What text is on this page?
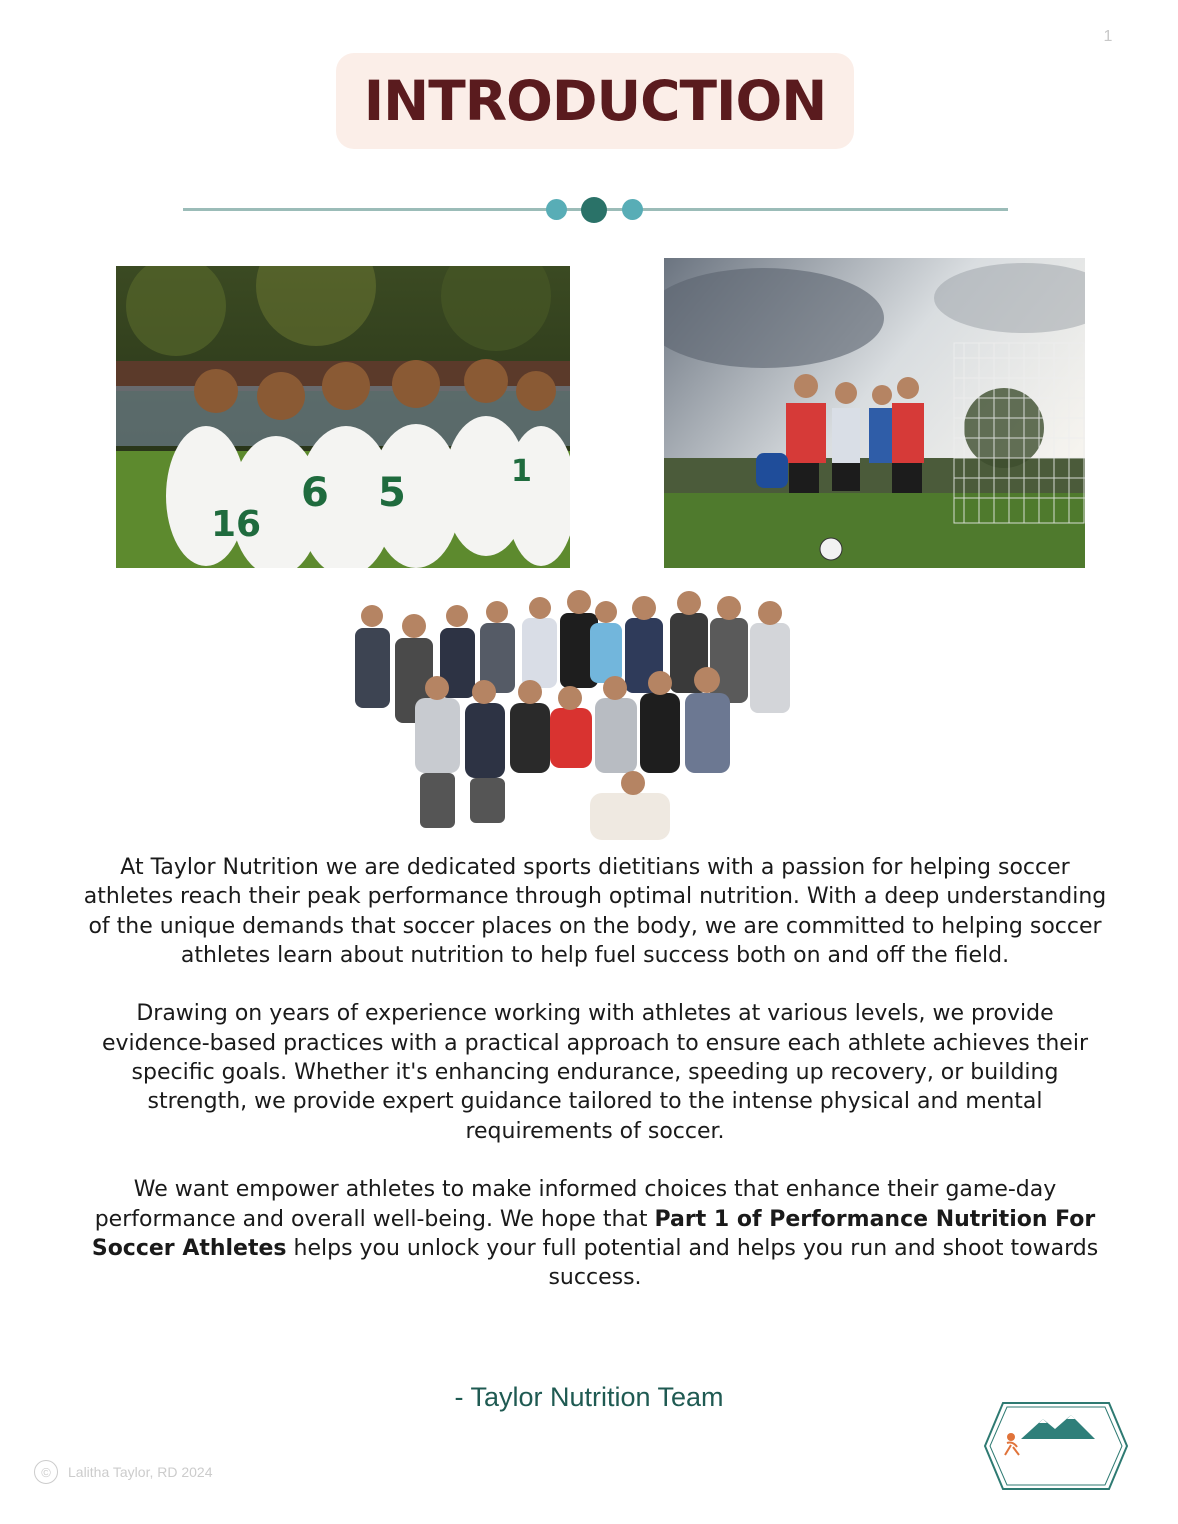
1
INTRODUCTION
16
6 5	1

At Taylor Nutrition we are dedicated sports dietitians with a passion for helping soccer athletes reach their peak performance through optimal nutrition. With a deep understanding of the unique demands that soccer places on the body, we are committed to helping soccer athletes learn about nutrition to help fuel success both on and off the field.

Drawing on years of experience working with athletes at various levels, we provide evidence-based practices with a practical approach to ensure each athlete achieves their specific goals. Whether it's enhancing endurance, speeding up recovery, or building strength, we provide expert guidance tailored to the intense physical and mental requirements of soccer.

We want empower athletes to make informed choices that enhance their game-day performance and overall well-being. We hope that Part 1 of Performance Nutrition For Soccer Athletes helps you unlock your full potential and helps you run and shoot towards success.

- Taylor Nutrition Team
©	Lalitha Taylor, RD 2024
